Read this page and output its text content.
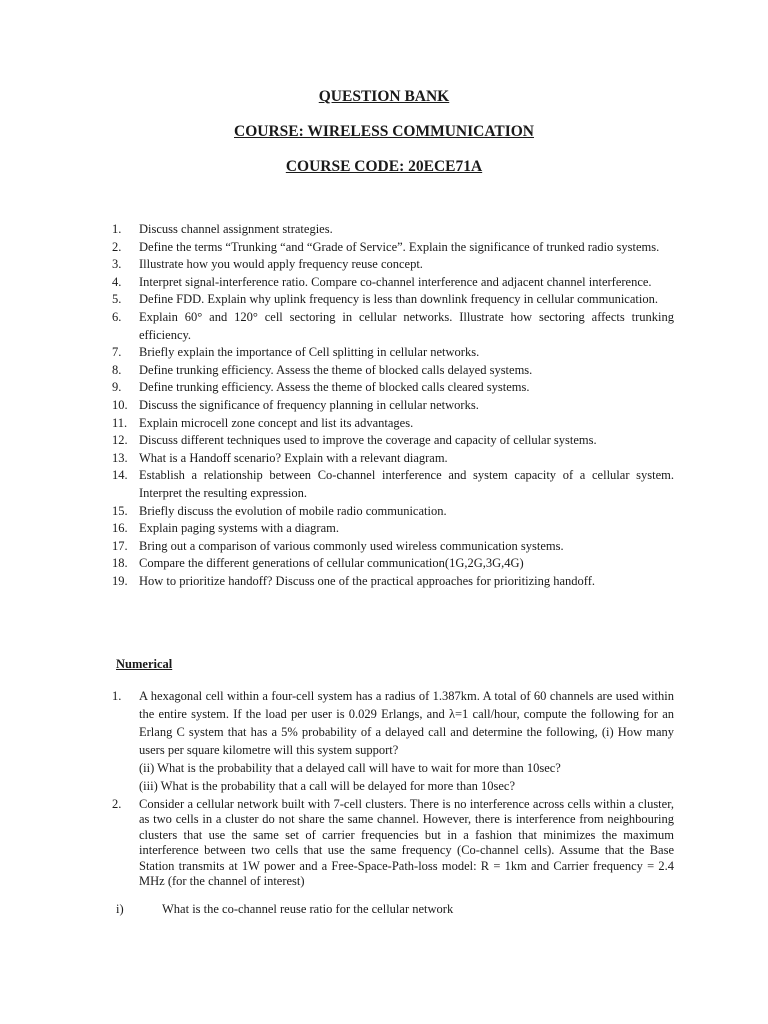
QUESTION BANK
COURSE: WIRELESS COMMUNICATION
COURSE CODE: 20ECE71A
1.	Discuss channel assignment strategies.
2.	Define the terms “Trunking “and “Grade of Service”. Explain the significance of trunked radio systems.
3.	Illustrate how you would apply frequency reuse concept.
4.	Interpret signal-interference ratio. Compare co-channel interference and adjacent channel interference.
5.	Define FDD. Explain why uplink frequency is less than downlink frequency in cellular communication.
6.	Explain 60° and 120° cell sectoring in cellular networks. Illustrate how sectoring affects trunking efficiency.
7.	Briefly explain the importance of Cell splitting in cellular networks.
8.	Define trunking efficiency. Assess the theme of blocked calls delayed systems.
9.	Define trunking efficiency. Assess the theme of blocked calls cleared systems.
10. Discuss the significance of frequency planning in cellular networks.
11. Explain microcell zone concept and list its advantages.
12. Discuss different techniques used to improve the coverage and capacity of cellular systems.
13. What is a Handoff scenario? Explain with a relevant diagram.
14. Establish a relationship between Co-channel interference and system capacity of a cellular system. Interpret the resulting expression.
15. Briefly discuss the evolution of mobile radio communication.
16. Explain paging systems with a diagram.
17. Bring out a comparison of various commonly used wireless communication systems.
18. Compare the different generations of cellular communication(1G,2G,3G,4G)
19. How to prioritize handoff? Discuss one of the practical approaches for prioritizing handoff.
Numerical
1. A hexagonal cell within a four-cell system has a radius of 1.387km. A total of 60 channels are used within the entire system. If the load per user is 0.029 Erlangs, and λ=1 call/hour, compute the following for an Erlang C system that has a 5% probability of a delayed call and determine the following, (i) How many users per square kilometre will this system support?
(ii) What is the probability that a delayed call will have to wait for more than 10sec?
(iii) What is the probability that a call will be delayed for more than 10sec?
2. Consider a cellular network built with 7-cell clusters. There is no interference across cells within a cluster, as two cells in a cluster do not share the same channel. However, there is interference from neighbouring clusters that use the same set of carrier frequencies but in a fashion that minimizes the maximum interference between two cells that use the same frequency (Co-channel cells). Assume that the Base Station transmits at 1W power and a Free-Space-Path-loss model: R = 1km and Carrier frequency = 2.4 MHz (for the channel of interest)
i)	What is the co-channel reuse ratio for the cellular network
